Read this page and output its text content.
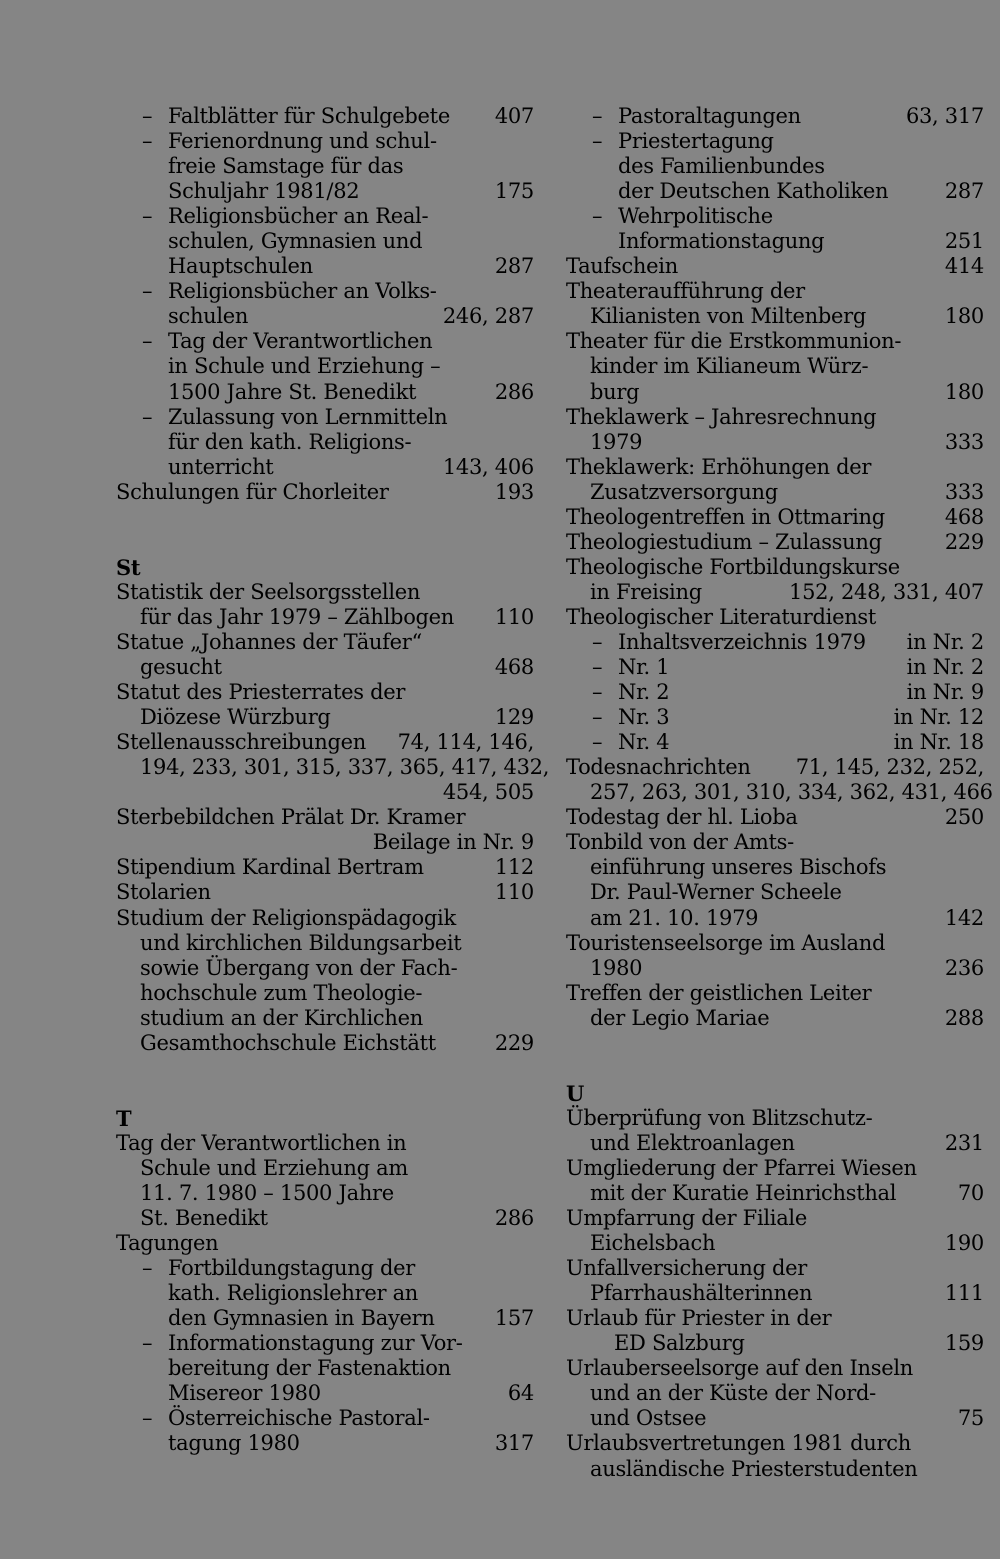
– Faltblätter für Schulgebete 407
– Ferienordnung und schul-
freie Samstage für das
Schuljahr 1981/82	175
– Religionsbücher an Real-
schulen, Gymnasien und
Hauptschulen	287
– Religionsbücher an Volks-
schulen	246, 287
– Tag der Verantwortlichen
in Schule und Erziehung –
1500 Jahre St. Benedikt	286
– Zulassung von Lernmitteln
für den kath. Religions-
unterricht	143, 406
Schulungen für Chorleiter	193
St
Statistik der Seelsorgsstellen
für das Jahr 1979 – Zählbogen 110
Statue „Johannes der Täufer“
gesucht	468
Statut des Priesterrates der
Diözese Würzburg	129
Stellenausschreibungen 74, 114, 146,
194, 233, 301, 315, 337, 365, 417, 432,
454, 505
Sterbebildchen Prälat Dr. Kramer
Beilage in Nr. 9
Stipendium Kardinal Bertram	112
Stolarien	110
Studium der Religionspädagogik
und kirchlichen Bildungsarbeit
sowie Übergang von der Fach-
hochschule zum Theologie-
studium an der Kirchlichen
Gesamthochschule Eichstätt	229
T
Tag der Verantwortlichen in
Schule und Erziehung am
11. 7. 1980 – 1500 Jahre
St. Benedikt	286
Tagungen
– Fortbildungstagung der
kath. Religionslehrer an
den Gymnasien in Bayern	157
– Informationstagung zur Vor-
bereitung der Fastenaktion
Misereor 1980	64
– Österreichische Pastoral-
tagung 1980	317
– Pastoraltagungen	63, 317
– Priestertagung
des Familienbundes
der Deutschen Katholiken	287
– Wehrpolitische
Informationstagung	251
Taufschein	414
Theateraufführung der
Kilianisten von Miltenberg	180
Theater für die Erstkommunion-
kinder im Kilianeum Würz-
burg	180
Theklawerk – Jahresrechnung
1979	333
Theklawerk: Erhöhungen der
Zusatzversorgung	333
Theologentreffen in Ottmaring	468
Theologiestudium – Zulassung	229
Theologische Fortbildungskurse
in Freising	152, 248, 331, 407
Theologischer Literaturdienst
– Inhaltsverzeichnis 1979 in Nr. 2
– Nr. 1	in Nr. 2
– Nr. 2	in Nr. 9
– Nr. 3	in Nr. 12
– Nr. 4	in Nr. 18
Todesnachrichten 71, 145, 232, 252,
257, 263, 301, 310, 334, 362, 431, 466
Todestag der hl. Lioba	250
Tonbild von der Amts-
einführung unseres Bischofs
Dr. Paul-Werner Scheele
am 21. 10. 1979	142
Touristenseelsorge im Ausland
1980	236
Treffen der geistlichen Leiter
der Legio Mariae	288
U
Überprüfung von Blitzschutz-
und Elektroanlagen	231
Umgliederung der Pfarrei Wiesen
mit der Kuratie Heinrichsthal	70
Umpfarrung der Filiale
Eichelsbach	190
Unfallversicherung der
Pfarrhaushälterinnen	111
Urlaub für Priester in der
ED Salzburg	159
Urlauberseelsorge auf den Inseln
und an der Küste der Nord-
und Ostsee	75
Urlaubsvertretungen 1981 durch
ausländische Priesterstudenten
